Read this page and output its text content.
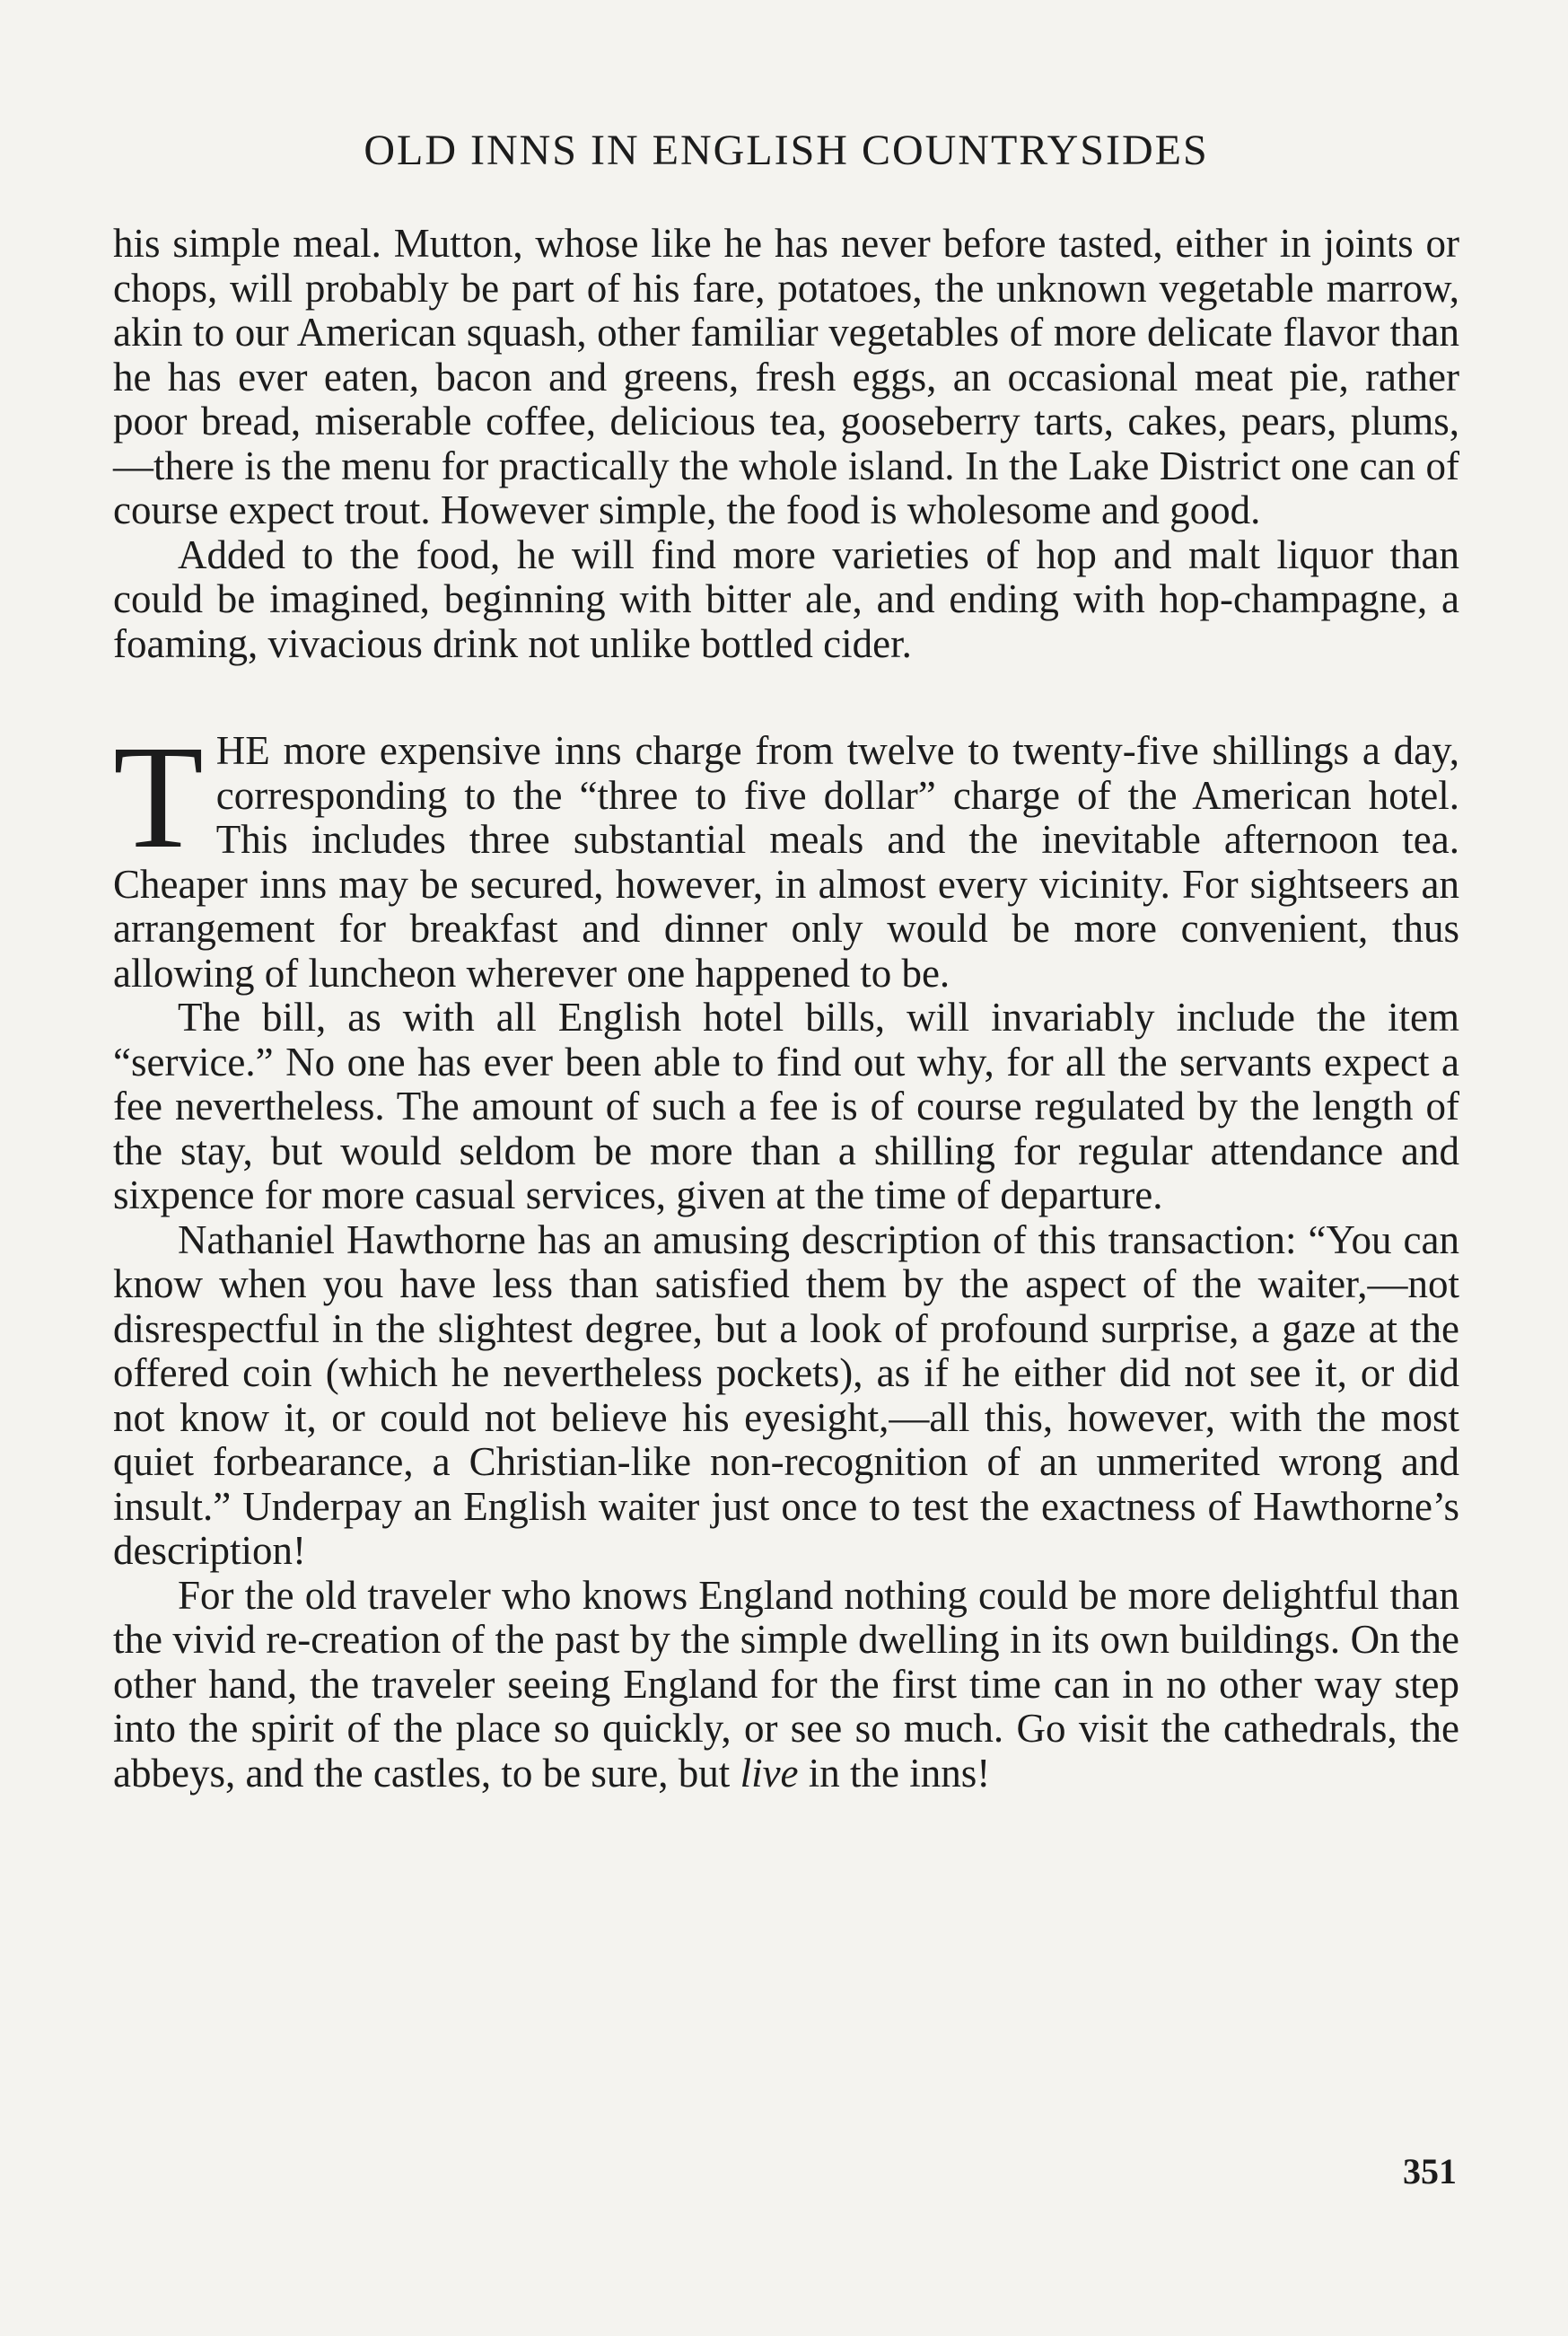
OLD INNS IN ENGLISH COUNTRYSIDES

his simple meal. Mutton, whose like he has never before tasted, either in joints or chops, will probably be part of his fare, potatoes, the unknown vegetable marrow, akin to our American squash, other familiar vegetables of more delicate flavor than he has ever eaten, bacon and greens, fresh eggs, an occasional meat pie, rather poor bread, miserable coffee, delicious tea, gooseberry tarts, cakes, pears, plums,—there is the menu for practically the whole island. In the Lake District one can of course expect trout. However simple, the food is wholesome and good.

Added to the food, he will find more varieties of hop and malt liquor than could be imagined, beginning with bitter ale, and ending with hop-champagne, a foaming, vivacious drink not unlike bottled cider.

THE more expensive inns charge from twelve to twenty-five shillings a day, corresponding to the “three to five dollar” charge of the American hotel. This includes three substantial meals and the inevitable afternoon tea. Cheaper inns may be secured, however, in almost every vicinity. For sightseers an arrangement for breakfast and dinner only would be more convenient, thus allowing of luncheon wherever one happened to be.

The bill, as with all English hotel bills, will invariably include the item “service.” No one has ever been able to find out why, for all the servants expect a fee nevertheless. The amount of such a fee is of course regulated by the length of the stay, but would seldom be more than a shilling for regular attendance and sixpence for more casual services, given at the time of departure.

Nathaniel Hawthorne has an amusing description of this transaction: “You can know when you have less than satisfied them by the aspect of the waiter,—not disrespectful in the slightest degree, but a look of profound surprise, a gaze at the offered coin (which he nevertheless pockets), as if he either did not see it, or did not know it, or could not believe his eyesight,—all this, however, with the most quiet forbearance, a Christian-like non-recognition of an unmerited wrong and insult.” Underpay an English waiter just once to test the exactness of Hawthorne’s description!

For the old traveler who knows England nothing could be more delightful than the vivid re-creation of the past by the simple dwelling in its own buildings. On the other hand, the traveler seeing England for the first time can in no other way step into the spirit of the place so quickly, or see so much. Go visit the cathedrals, the abbeys, and the castles, to be sure, but live in the inns!

351
